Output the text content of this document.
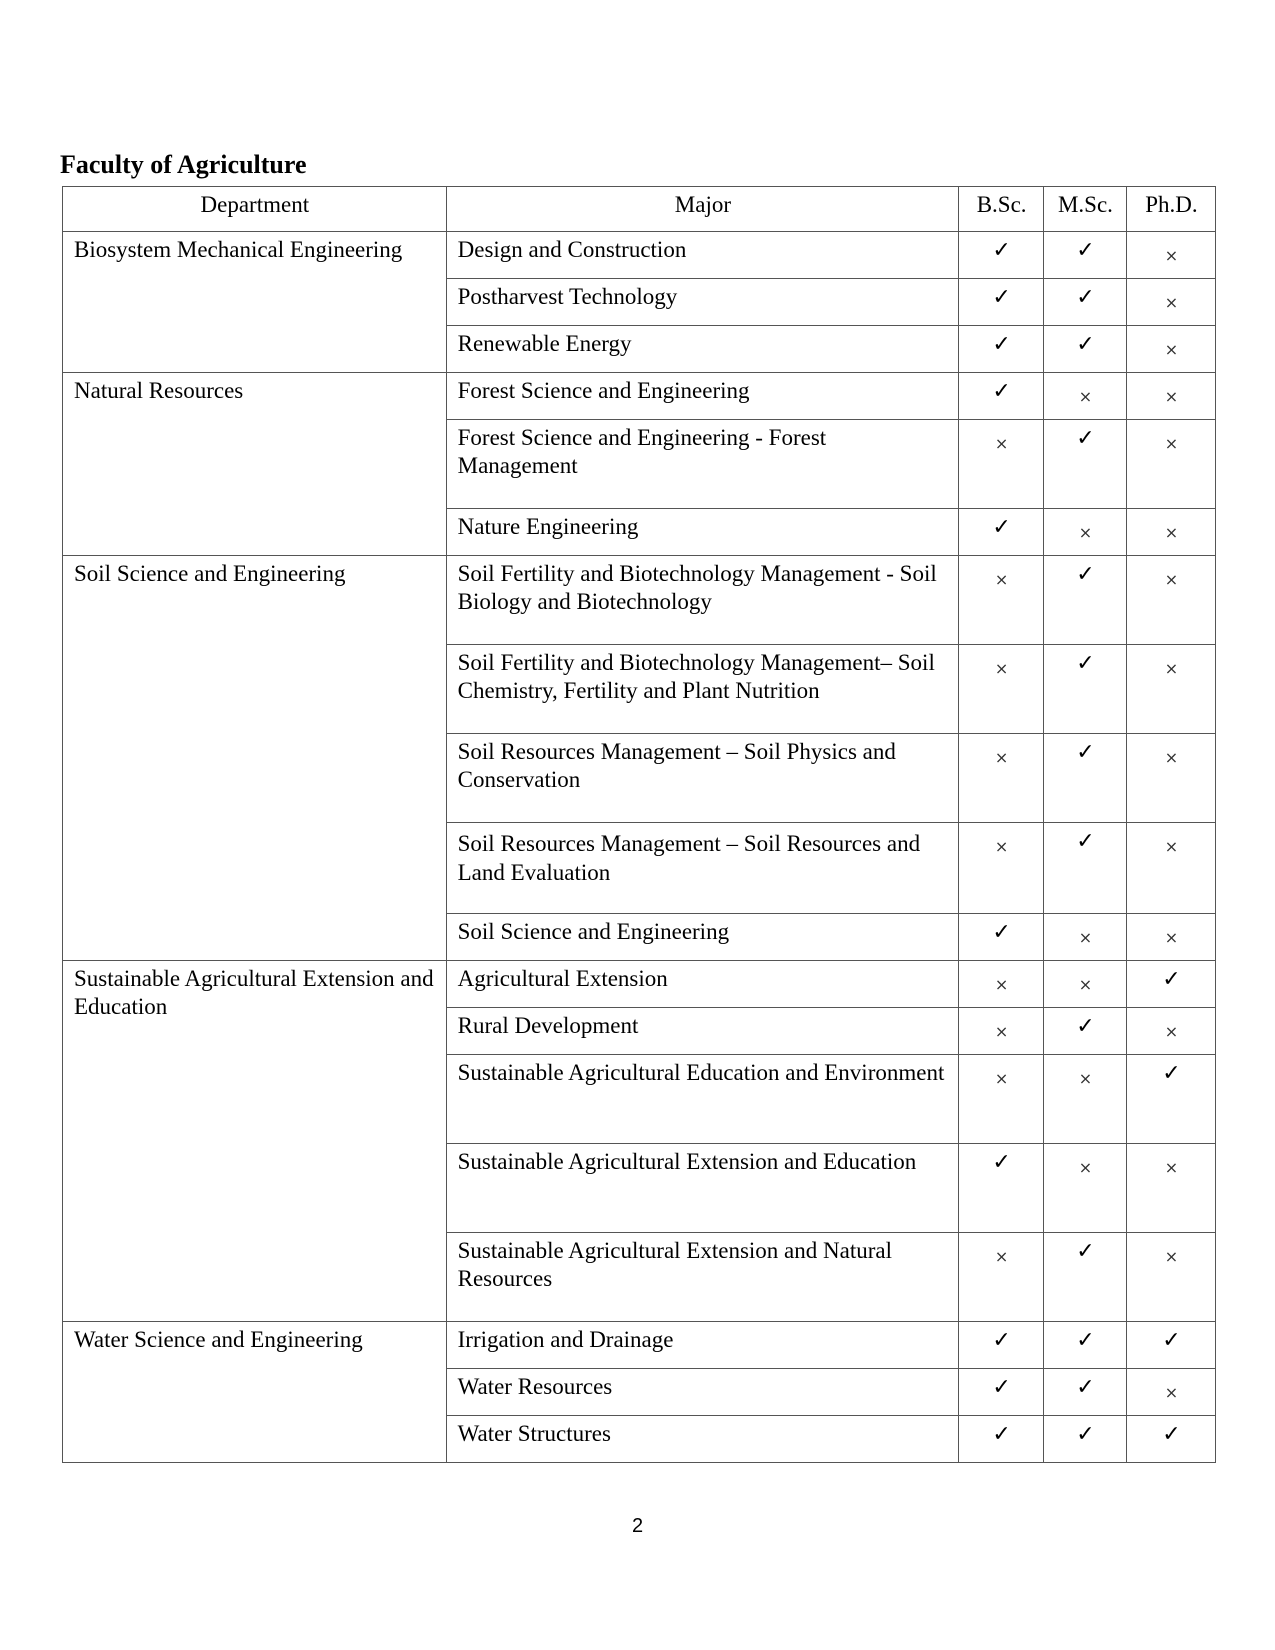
Faculty of Agriculture
Department	Major	B.Sc.	M.Sc.	Ph.D.
Biosystem Mechanical Engineering	Design and Construction	✓	✓	×
	Postharvest Technology	✓	✓	×
	Renewable Energy	✓	✓	×
Natural Resources	Forest Science and Engineering	✓	×	×
	Forest Science and Engineering - Forest Management	×	✓	×
	Nature Engineering	✓	×	×
Soil Science and Engineering	Soil Fertility and Biotechnology Management - Soil Biology and Biotechnology	×	✓	×
	Soil Fertility and Biotechnology Management– Soil Chemistry, Fertility and Plant Nutrition	×	✓	×
	Soil Resources Management – Soil Physics and Conservation	×	✓	×
	Soil Resources Management – Soil Resources and Land Evaluation	×	✓	×
	Soil Science and Engineering	✓	×	×
Sustainable Agricultural Extension and Education	Agricultural Extension	×	×	✓
	Rural Development	×	✓	×
	Sustainable Agricultural Education and Environment	×	×	✓
	Sustainable Agricultural Extension and Education	✓	×	×
	Sustainable Agricultural Extension and Natural Resources	×	✓	×
Water Science and Engineering	Irrigation and Drainage	✓	✓	✓
	Water Resources	✓	✓	×
	Water Structures	✓	✓	✓
2
